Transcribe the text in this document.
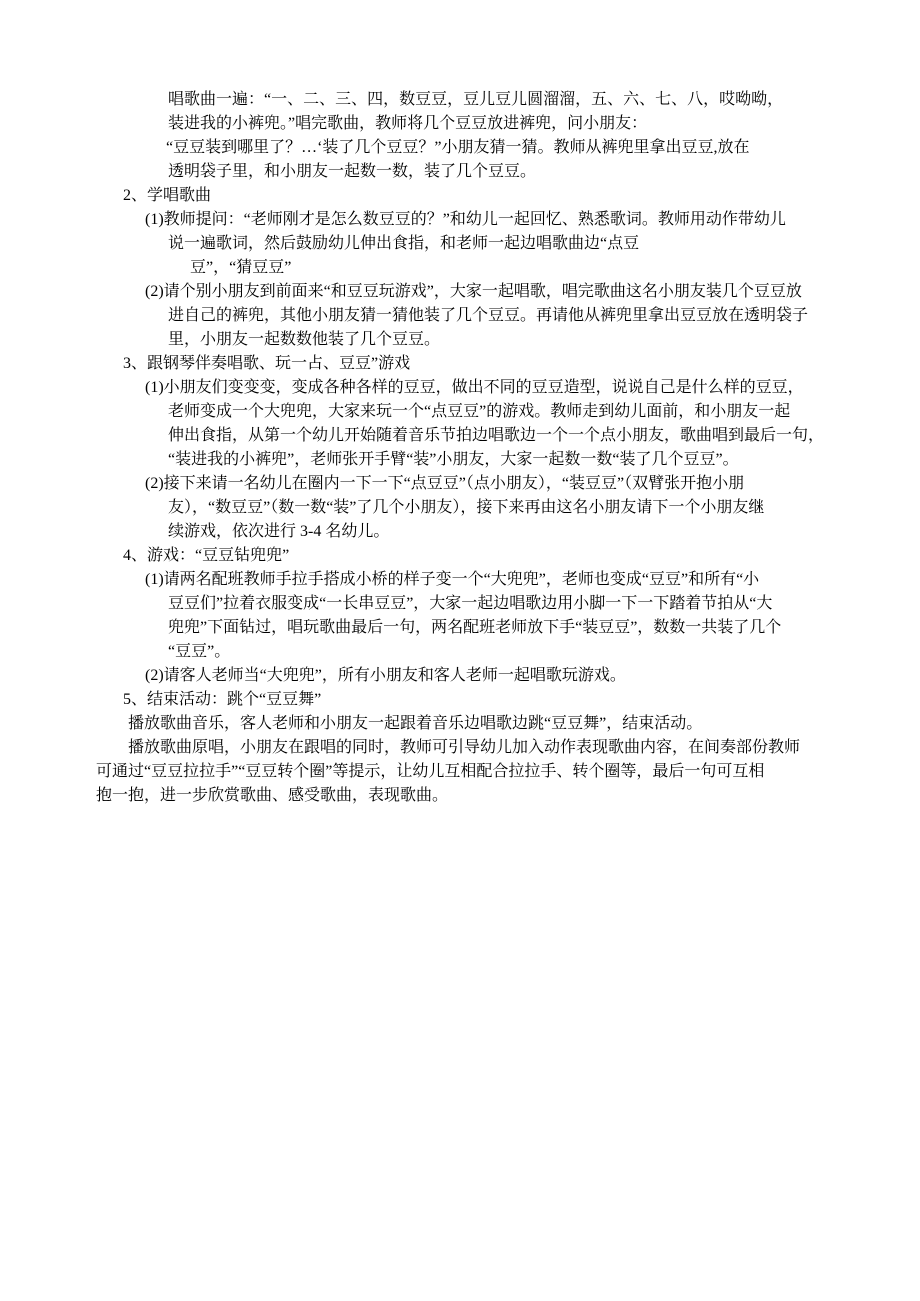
唱歌曲一遍：“一、二、三、四，数豆豆，豆儿豆儿圆溜溜，五、六、七、八，哎呦呦，
装进我的小裤兜。”唱完歌曲，教师将几个豆豆放进裤兜，问小朋友：
“豆豆装到哪里了？…‘装了几个豆豆？”小朋友猜一猜。教师从裤兜里拿出豆豆,放在
透明袋子里，和小朋友一起数一数，装了几个豆豆。
2、学唱歌曲
(1)教师提问：“老师刚才是怎么数豆豆的？”和幼儿一起回忆、熟悉歌词。教师用动作带幼儿
说一遍歌词，然后鼓励幼儿伸出食指，和老师一起边唱歌曲边“点豆
豆”，“猜豆豆”
(2)请个别小朋友到前面来“和豆豆玩游戏”，大家一起唱歌，唱完歌曲这名小朋友装几个豆豆放
进自己的裤兜，其他小朋友猜一猜他装了几个豆豆。再请他从裤兜里拿出豆豆放在透明袋子
里，小朋友一起数数他装了几个豆豆。
3、跟钢琴伴奏唱歌、玩一占、豆豆”游戏
(1)小朋友们变变变，变成各种各样的豆豆，做出不同的豆豆造型，说说自己是什么样的豆豆，
老师变成一个大兜兜，大家来玩一个“点豆豆”的游戏。教师走到幼儿面前，和小朋友一起
伸出食指，从第一个幼儿开始随着音乐节拍边唱歌边一个一个点小朋友，歌曲唱到最后一句，
“装进我的小裤兜”，老师张开手臂“装”小朋友，大家一起数一数“装了几个豆豆”。
(2)接下来请一名幼儿在圈内一下一下“点豆豆”（点小朋友），“装豆豆”（双臂张开抱小朋
友），“数豆豆”（数一数“装”了几个小朋友），接下来再由这名小朋友请下一个小朋友继
续游戏，依次进行 3-4 名幼儿。
4、游戏：“豆豆钻兜兜”
(1)请两名配班教师手拉手搭成小桥的样子变一个“大兜兜”，老师也变成“豆豆”和所有“小
豆豆们”拉着衣服变成“一长串豆豆”，大家一起边唱歌边用小脚一下一下踏着节拍从“大
兜兜”下面钻过，唱玩歌曲最后一句，两名配班老师放下手“装豆豆”，数数一共装了几个
“豆豆”。
(2)请客人老师当“大兜兜”，所有小朋友和客人老师一起唱歌玩游戏。
5、结束活动：跳个“豆豆舞”
播放歌曲音乐，客人老师和小朋友一起跟着音乐边唱歌边跳“豆豆舞”，结束活动。
播放歌曲原唱，小朋友在跟唱的同时，教师可引导幼儿加入动作表现歌曲内容，在间奏部份教师
可通过“豆豆拉拉手”“豆豆转个圈”等提示，让幼儿互相配合拉拉手、转个圈等，最后一句可互相
抱一抱，进一步欣赏歌曲、感受歌曲，表现歌曲。
